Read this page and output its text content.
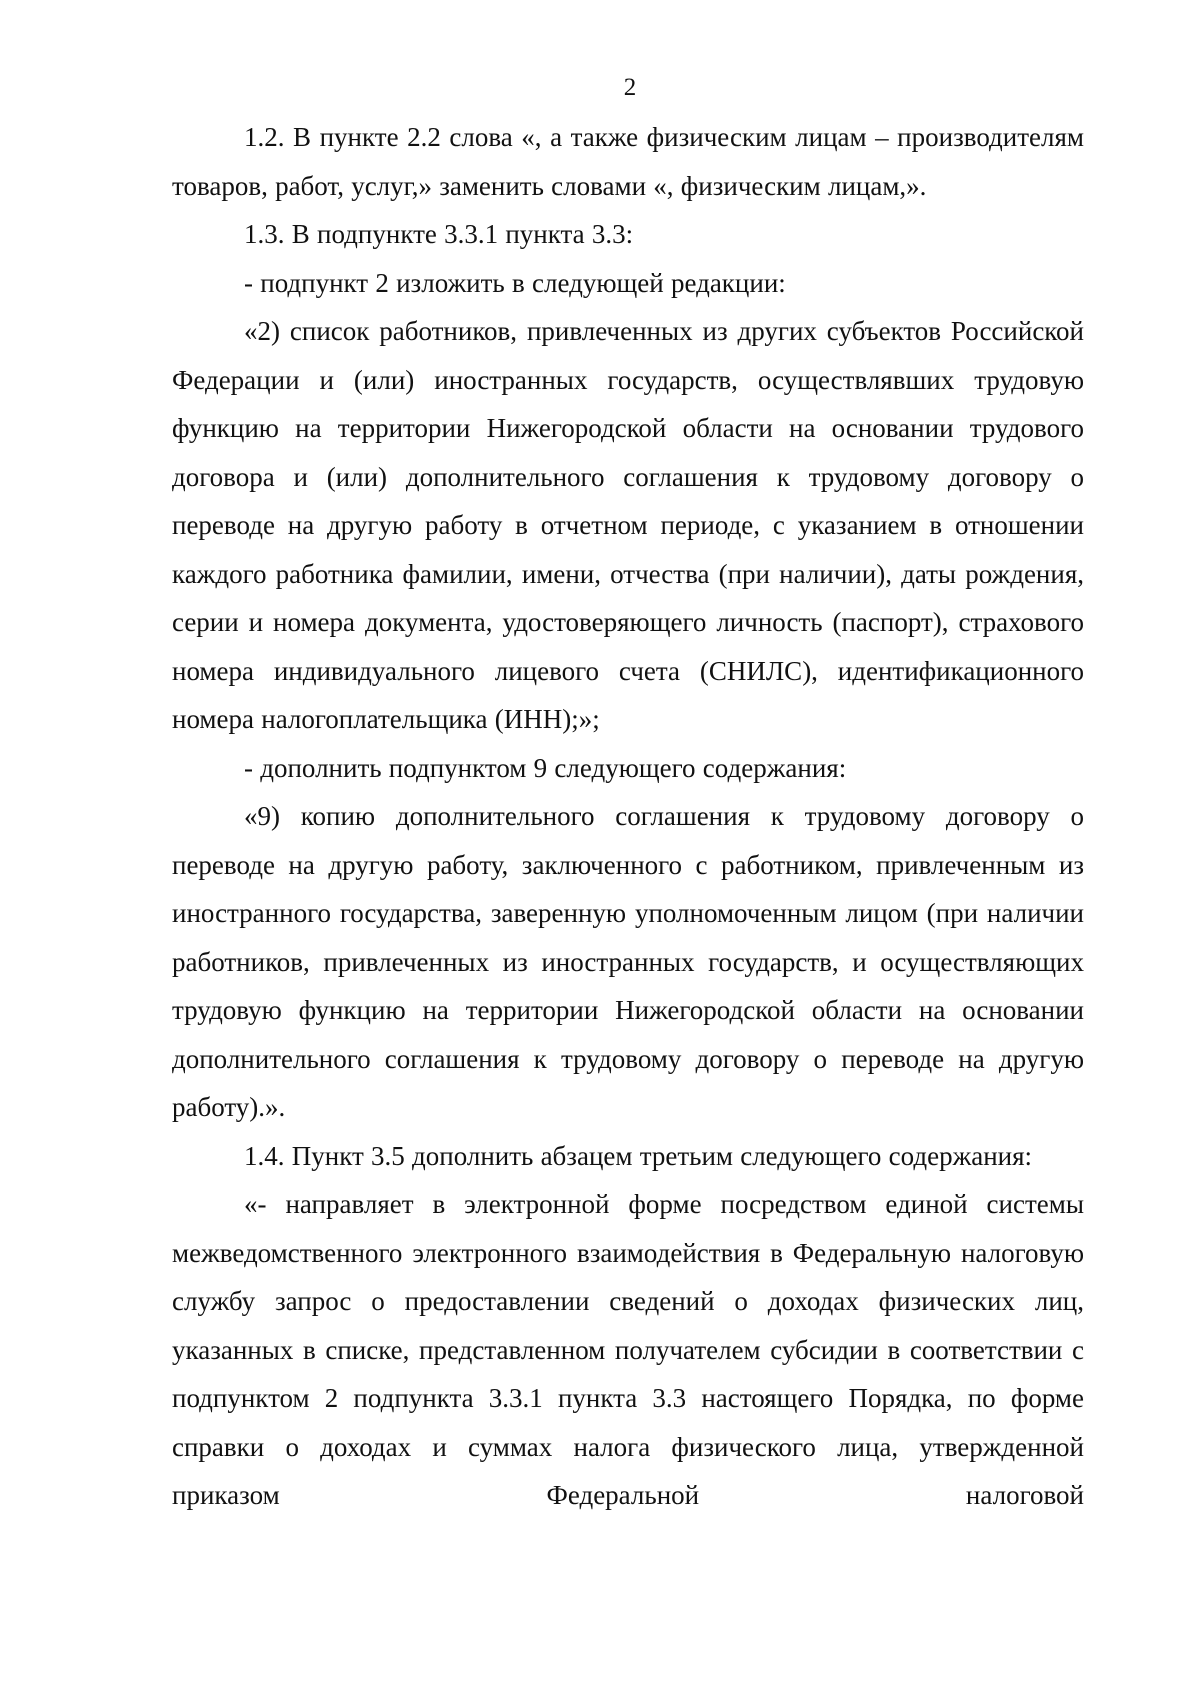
2

1.2. В пункте 2.2 слова «, а также физическим лицам – производителям товаров, работ, услуг,» заменить словами «, физическим лицам,».

1.3. В подпункте 3.3.1 пункта 3.3:

- подпункт 2 изложить в следующей редакции:

«2) список работников, привлеченных из других субъектов Российской Федерации и (или) иностранных государств, осуществлявших трудовую функцию на территории Нижегородской области на основании трудового договора и (или) дополнительного соглашения к трудовому договору о переводе на другую работу в отчетном периоде, с указанием в отношении каждого работника фамилии, имени, отчества (при наличии), даты рождения, серии и номера документа, удостоверяющего личность (паспорт), страхового номера индивидуального лицевого счета (СНИЛС), идентификационного номера налогоплательщика (ИНН);»;

- дополнить подпунктом 9 следующего содержания:

«9) копию дополнительного соглашения к трудовому договору о переводе на другую работу, заключенного с работником, привлеченным из иностранного государства, заверенную уполномоченным лицом (при наличии работников, привлеченных из иностранных государств, и осуществляющих трудовую функцию на территории Нижегородской области на основании дополнительного соглашения к трудовому договору о переводе на другую работу).».

1.4. Пункт 3.5 дополнить абзацем третьим следующего содержания:

«- направляет в электронной форме посредством единой системы межведомственного электронного взаимодействия в Федеральную налоговую службу запрос о предоставлении сведений о доходах физических лиц, указанных в списке, представленном получателем субсидии в соответствии с подпунктом 2 подпункта 3.3.1 пункта 3.3 настоящего Порядка, по форме справки о доходах и суммах налога физического лица, утвержденной приказом Федеральной налоговой
